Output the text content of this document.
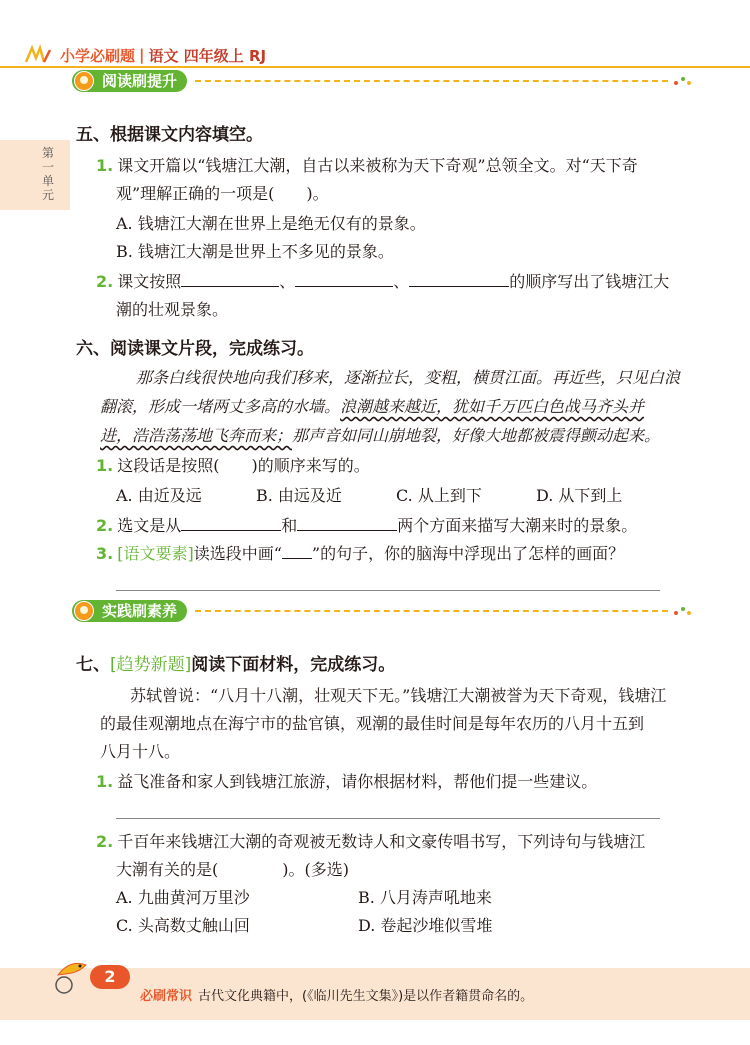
小学必刷题 | 语文 四年级上 RJ
阅读刷提升
第一单元
五、根据课文内容填空。
1. 课文开篇以“钱塘江大潮，自古以来被称为天下奇观”总领全文。对“天下奇
观”理解正确的一项是(　　)。
A. 钱塘江大潮在世界上是绝无仅有的景象。
B. 钱塘江大潮是世界上不多见的景象。
2. 课文按照	、	、	的顺序写出了钱塘江大
潮的壮观景象。
六、阅读课文片段，完成练习。
那条白线很快地向我们移来，逐渐拉长，变粗，横贯江面。再近些，只见白浪
翻滚，形成一堵两丈多高的水墙。浪潮越来越近，犹如千万匹白色战马齐头并
进，浩浩荡荡地飞奔而来；那声音如同山崩地裂，好像大地都被震得颤动起来。
1. 这段话是按照(　　)的顺序来写的。
A. 由近及远	B. 由远及近	C. 从上到下	D. 从下到上
2. 选文是从	和	两个方面来描写大潮来时的景象。
3. [语文要素]读选段中画“ ”的句子，你的脑海中浮现出了怎样的画面？
实践刷素养
七、[趋势新题]阅读下面材料，完成练习。
苏轼曾说：“八月十八潮，壮观天下无。”钱塘江大潮被誉为天下奇观，钱塘江
的最佳观潮地点在海宁市的盐官镇，观潮的最佳时间是每年农历的八月十五到
八月十八。
1. 益飞准备和家人到钱塘江旅游，请你根据材料，帮他们提一些建议。
2. 千百年来钱塘江大潮的奇观被无数诗人和文豪传唱书写，下列诗句与钱塘江
大潮有关的是(　　　　)。(多选)
A. 九曲黄河万里沙	B. 八月涛声吼地来
C. 头高数丈触山回	D. 卷起沙堆似雪堆
2
必刷常识 古代文化典籍中，(《临川先生文集》)是以作者籍贯命名的。
